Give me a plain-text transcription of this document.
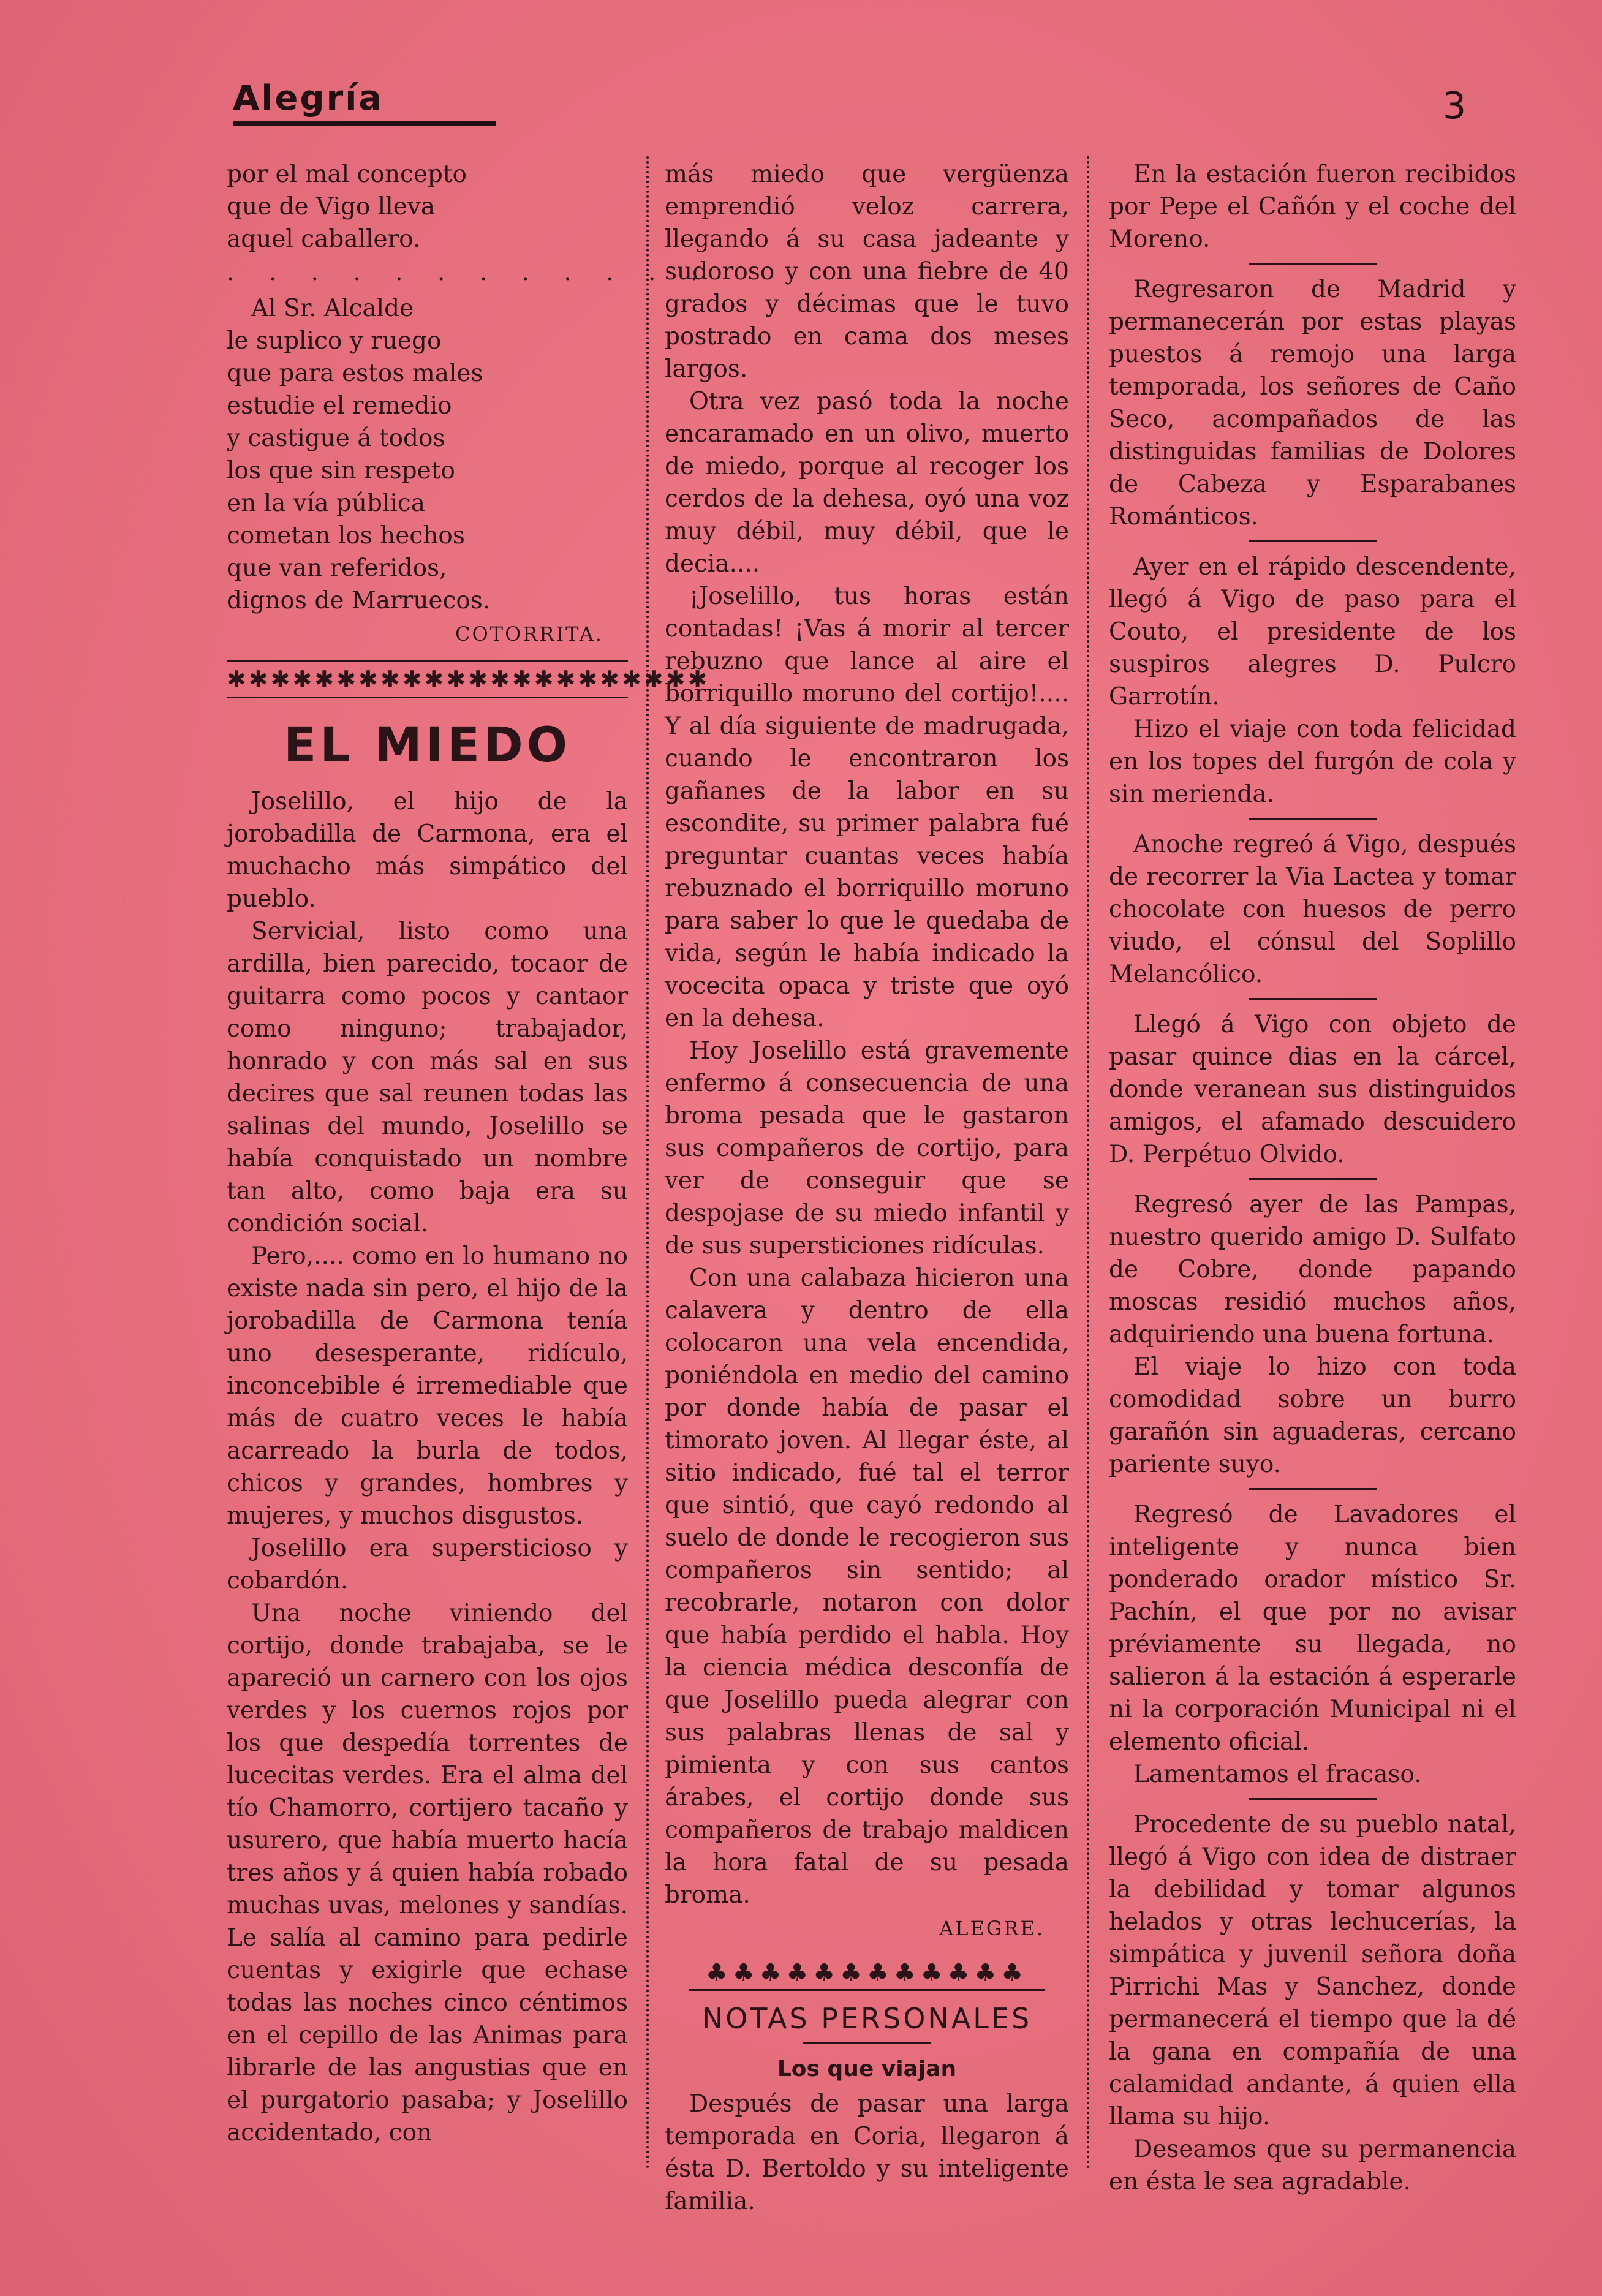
Alegría	3

por el mal concepto

que de Vigo lleva

aquel caballero.

. . . . . . . . . . . .

Al Sr. Alcalde

le suplico y ruego

que para estos males

estudie el remedio

y castigue á todos

los que sin respeto

en la vía pública

cometan los hechos

que van referidos,

dignos de Marruecos.

COTORRITA.

✱✱✱✱✱✱✱✱✱✱✱✱✱✱✱✱✱✱✱✱✱✱
EL MIEDO

Joselillo, el hijo de la jorobadilla de Carmona, era el muchacho más simpático del pueblo.

Servicial, listo como una ardilla, bien parecido, tocaor de guitarra como pocos y cantaor como ninguno; trabajador, honrado y con más sal en sus decires que sal reunen todas las salinas del mundo, Joselillo se había conquistado un nombre tan alto, como baja era su condición social.

Pero,.... como en lo humano no existe nada sin pero, el hijo de la jorobadilla de Carmona tenía uno desesperante, ridículo, inconcebible é irremediable que más de cuatro veces le había acarreado la burla de todos, chicos y grandes, hombres y mujeres, y muchos disgustos.

Joselillo era supersticioso y cobardón.

Una noche viniendo del cortijo, donde trabajaba, se le apareció un carnero con los ojos verdes y los cuernos rojos por los que despedía torrentes de lucecitas verdes. Era el alma del tío Chamorro, cortijero tacaño y usurero, que había muerto hacía tres años y á quien había robado muchas uvas, melones y sandías. Le salía al camino para pedirle cuentas y exigirle que echase todas las noches cinco céntimos en el cepillo de las Animas para librarle de las angustias que en el purgatorio pasaba; y Joselillo accidentado, con

más miedo que vergüenza emprendió veloz carrera, llegando á su casa jadeante y sudoroso y con una fiebre de 40 grados y décimas que le tuvo postrado en cama dos meses largos.

Otra vez pasó toda la noche encaramado en un olivo, muerto de miedo, porque al recoger los cerdos de la dehesa, oyó una voz muy débil, muy débil, que le decia....

¡Joselillo, tus horas están contadas! ¡Vas á morir al tercer rebuzno que lance al aire el borriquillo moruno del cortijo!.... Y al día siguiente de madrugada, cuando le encontraron los gañanes de la labor en su escondite, su primer palabra fué preguntar cuantas veces había rebuznado el borriquillo moruno para saber lo que le quedaba de vida, según le había indicado la vocecita opaca y triste que oyó en la dehesa.

Hoy Joselillo está gravemente enfermo á consecuencia de una broma pesada que le gastaron sus compañeros de cortijo, para ver de conseguir que se despojase de su miedo infantil y de sus supersticiones ridículas.

Con una calabaza hicieron una calavera y dentro de ella colocaron una vela encendida, poniéndola en medio del camino por donde había de pasar el timorato joven. Al llegar éste, al sitio indicado, fué tal el terror que sintió, que cayó redondo al suelo de donde le recogieron sus compañeros sin sentido; al recobrarle, notaron con dolor que había perdido el habla. Hoy la ciencia médica desconfía de que Joselillo pueda alegrar con sus palabras llenas de sal y pimienta y con sus cantos árabes, el cortijo donde sus compañeros de trabajo maldicen la hora fatal de su pesada broma.

ALEGRE.

♣♣♣♣♣♣♣♣♣♣♣♣
NOTAS PERSONALES
Los que viajan

Después de pasar una larga temporada en Coria, llegaron á ésta D. Bertoldo y su inteligente familia.

En la estación fueron recibidos por Pepe el Cañón y el coche del Moreno.

Regresaron de Madrid y permanecerán por estas playas puestos á remojo una larga temporada, los señores de Caño Seco, acompañados de las distinguidas familias de Dolores de Cabeza y Esparabanes Románticos.

Ayer en el rápido descendente, llegó á Vigo de paso para el Couto, el presidente de los suspiros alegres D. Pulcro Garrotín.

Hizo el viaje con toda felicidad en los topes del furgón de cola y sin merienda.

Anoche regreó á Vigo, después de recorrer la Via Lactea y tomar chocolate con huesos de perro viudo, el cónsul del Soplillo Melancólico.

Llegó á Vigo con objeto de pasar quince dias en la cárcel, donde veranean sus distinguidos amigos, el afamado descuidero D. Perpétuo Olvido.

Regresó ayer de las Pampas, nuestro querido amigo D. Sulfato de Cobre, donde papando moscas residió muchos años, adquiriendo una buena fortuna.

El viaje lo hizo con toda comodidad sobre un burro garañón sin aguaderas, cercano pariente suyo.

Regresó de Lavadores el inteligente y nunca bien ponderado orador místico Sr. Pachín, el que por no avisar préviamente su llegada, no salieron á la estación á esperarle ni la corporación Municipal ni el elemento oficial.

Lamentamos el fracaso.

Procedente de su pueblo natal, llegó á Vigo con idea de distraer la debilidad y tomar algunos helados y otras lechucerías, la simpática y juvenil señora doña Pirrichi Mas y Sanchez, donde permanecerá el tiempo que la dé la gana en compañía de una calamidad andante, á quien ella llama su hijo.

Deseamos que su permanencia en ésta le sea agradable.
